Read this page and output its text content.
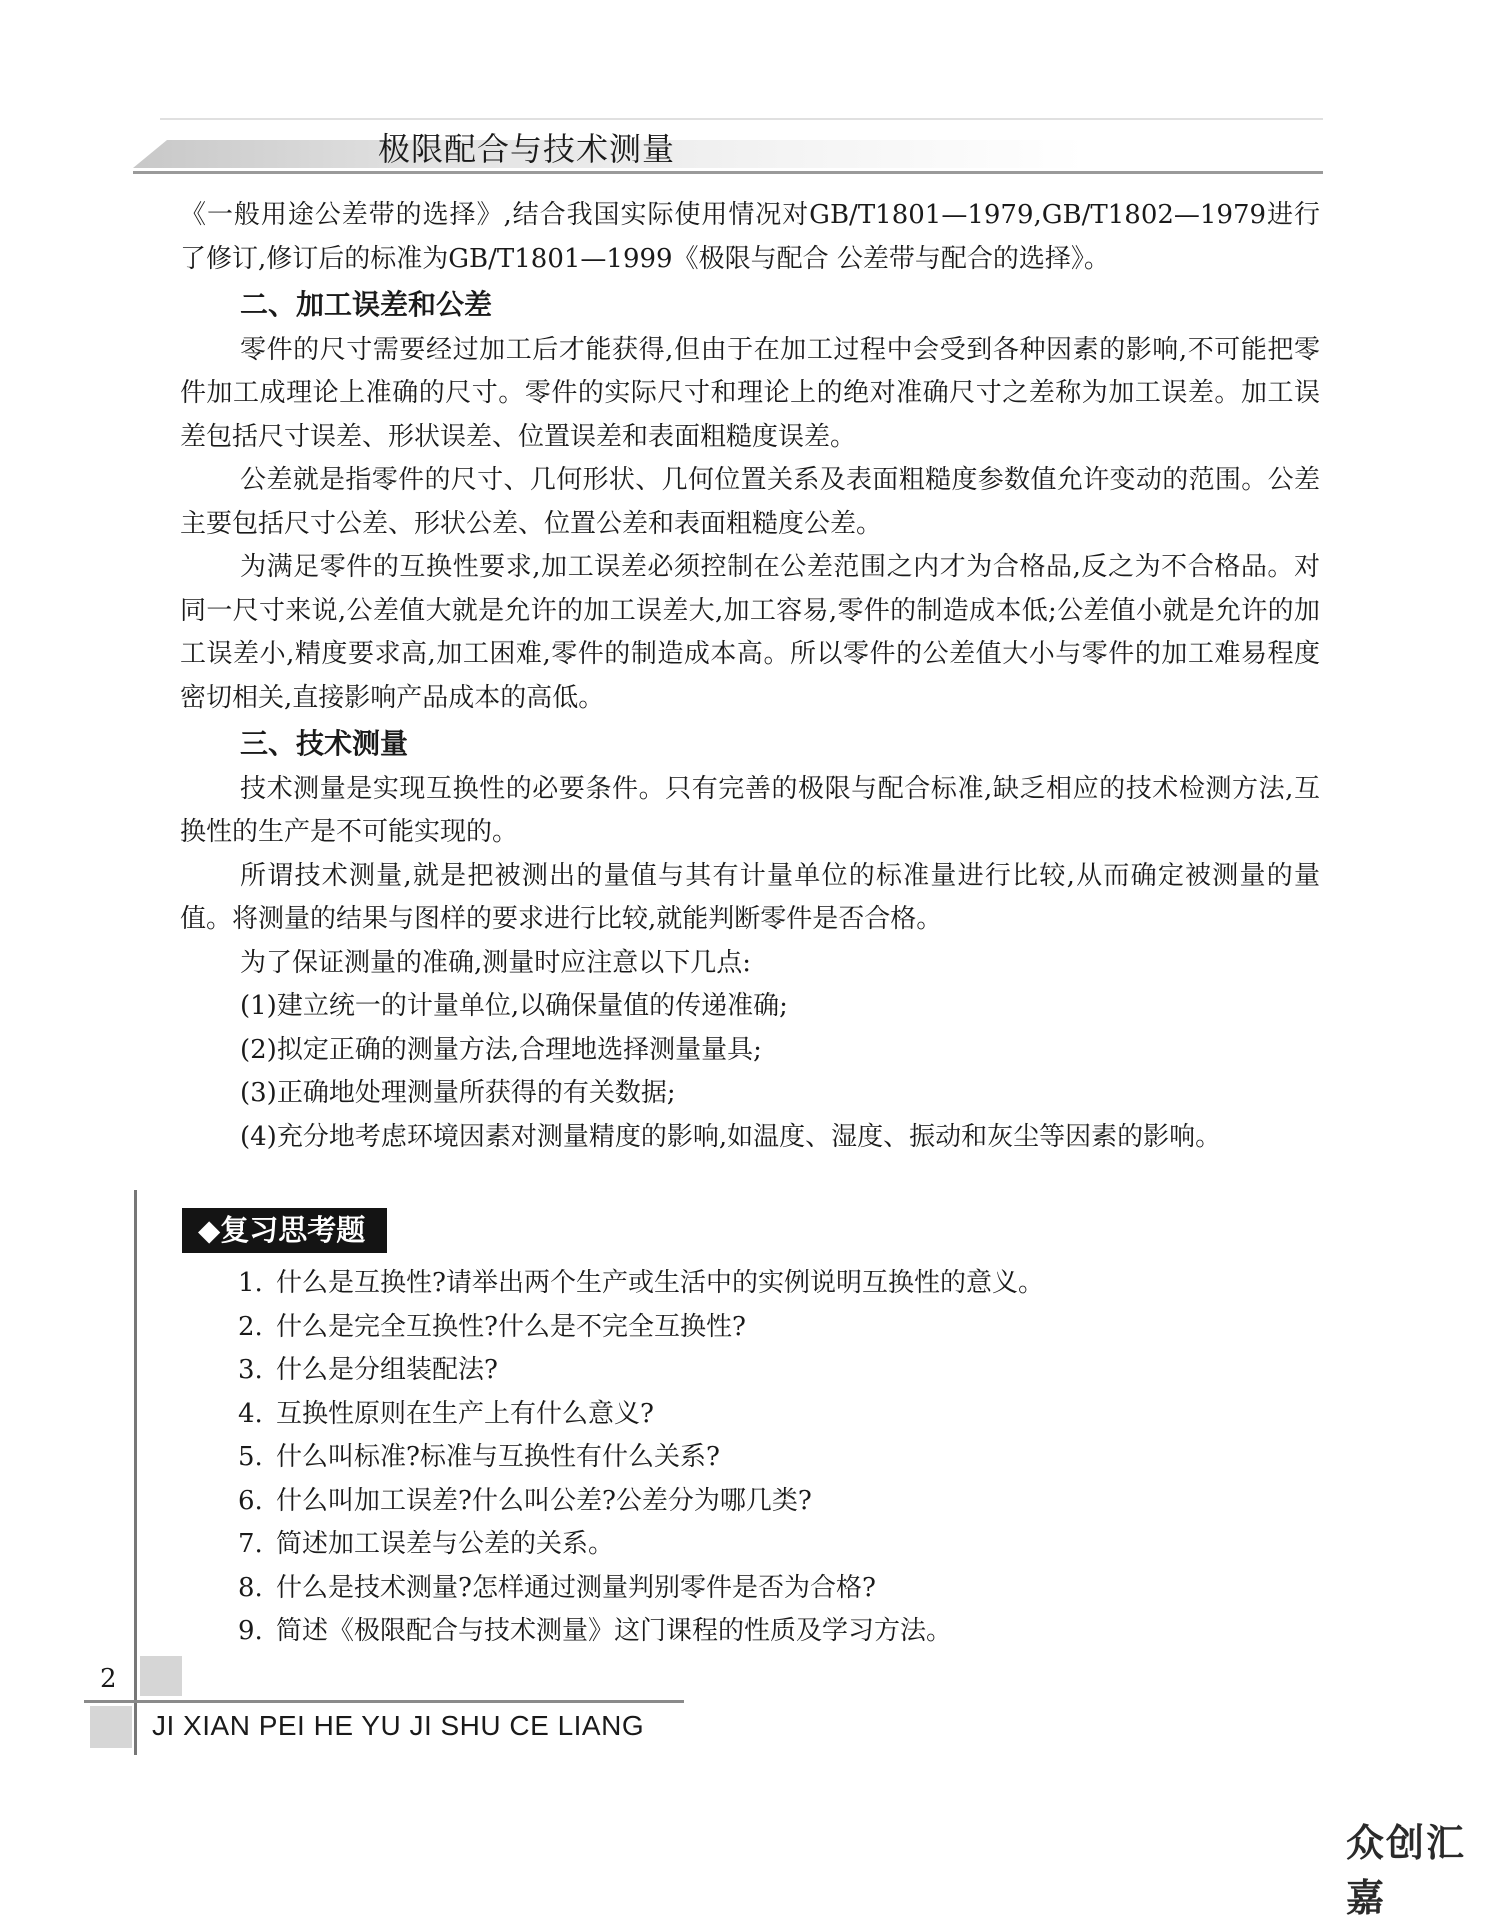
极限配合与技术测量

《一般用途公差带的选择》,结合我国实际使用情况对GB/T1801—1979,GB/T1802—1979进行了修订,修订后的标准为GB/T1801—1999《极限与配合 公差带与配合的选择》。

二、加工误差和公差

零件的尺寸需要经过加工后才能获得,但由于在加工过程中会受到各种因素的影响,不可能把零件加工成理论上准确的尺寸。零件的实际尺寸和理论上的绝对准确尺寸之差称为加工误差。加工误差包括尺寸误差、形状误差、位置误差和表面粗糙度误差。

公差就是指零件的尺寸、几何形状、几何位置关系及表面粗糙度参数值允许变动的范围。公差主要包括尺寸公差、形状公差、位置公差和表面粗糙度公差。

为满足零件的互换性要求,加工误差必须控制在公差范围之内才为合格品,反之为不合格品。对同一尺寸来说,公差值大就是允许的加工误差大,加工容易,零件的制造成本低;公差值小就是允许的加工误差小,精度要求高,加工困难,零件的制造成本高。所以零件的公差值大小与零件的加工难易程度密切相关,直接影响产品成本的高低。

三、技术测量

技术测量是实现互换性的必要条件。只有完善的极限与配合标准,缺乏相应的技术检测方法,互换性的生产是不可能实现的。

所谓技术测量,就是把被测出的量值与其有计量单位的标准量进行比较,从而确定被测量的量值。将测量的结果与图样的要求进行比较,就能判断零件是否合格。

为了保证测量的准确,测量时应注意以下几点:

(1)建立统一的计量单位,以确保量值的传递准确;

(2)拟定正确的测量方法,合理地选择测量量具;

(3)正确地处理测量所获得的有关数据;

(4)充分地考虑环境因素对测量精度的影响,如温度、湿度、振动和灰尘等因素的影响。

◆复习思考题

1. 什么是互换性?请举出两个生产或生活中的实例说明互换性的意义。

2. 什么是完全互换性?什么是不完全互换性?

3. 什么是分组装配法?

4. 互换性原则在生产上有什么意义?

5. 什么叫标准?标准与互换性有什么关系?

6. 什么叫加工误差?什么叫公差?公差分为哪几类?

7. 简述加工误差与公差的关系。

8. 什么是技术测量?怎样通过测量判别零件是否为合格?

9. 简述《极限配合与技术测量》这门课程的性质及学习方法。

2
JI XIAN PEI HE YU JI SHU CE LIANG
众创汇嘉
